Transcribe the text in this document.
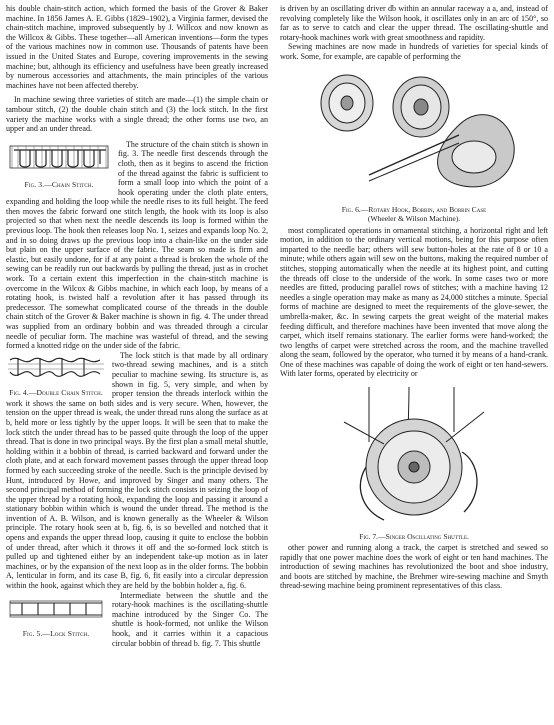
his double chain-stitch action, which formed the basis of the Grover & Baker machine. In 1856 James A. E. Gibbs (1829–1902), a Virginia farmer, devised the chain-stitch machine, improved subsequently by J. Willcox and now known as the Willcox & Gibbs. These together—all American inventions—form the types of the various machines now in common use. Thousands of patents have been issued in the United States and Europe, covering improvements in the sewing machine; but, although its efficiency and usefulness have been greatly increased by numerous accessories and attachments, the main principles of the various machines have not been affected thereby.

In machine sewing three varieties of stitch are made—(1) the simple chain or tambour stitch, (2) the double chain stitch and (3) the lock stitch. In the first variety the machine works with a single thread; the other forms use two, an upper and an under thread.

Fig. 3.—Chain Stitch.

The structure of the chain stitch is shown in fig. 3. The needle first descends through the cloth, then as it begins to ascend the friction of the thread against the fabric is sufficient to form a small loop into which the point of a hook operating under the cloth plate enters, expanding and holding the loop while the needle rises to its full height. The feed then moves the fabric forward one stitch length, the hook with its loop is also projected so that when next the needle descends its loop is formed within the previous loop. The hook then releases loop No. 1, seizes and expands loop No. 2, and in so doing draws up the previous loop into a chain-like on the under side but plain on the upper surface of the fabric. The seam so made is firm and elastic, but easily undone, for if at any point a thread is broken the whole of the sewing can be readily run out backwards by pulling the thread, just as in crochet work. To a certain extent this imperfection in the chain-stitch machine is overcome in the Wilcox & Gibbs machine, in which each loop, by means of a rotating hook, is twisted half a revolution after it has passed through its predecessor. The somewhat complicated course of the threads in the double chain stitch of the Grover & Baker machine is shown in fig. 4. The under thread was supplied from an ordinary bobbin and was threaded through a circular needle of peculiar form. The machine was wasteful of thread, and the sewing formed a knotted ridge on the under side of the fabric.

Fig. 4.—Double Chain Stitch.

The lock stitch is that made by all ordinary two-thread sewing machines, and is a stitch peculiar to machine sewing. Its structure is, as shown in fig. 5, very simple, and when by proper tension the threads interlock within the work it shows the same on both sides and is very secure. When, however, the tension on the upper thread is weak, the under thread runs along the surface as at b, held more or less tightly by the upper loops. It will be seen that to make the lock stitch the under thread has to be passed quite through the loop of the upper thread. That is done in two principal ways. By the first plan a small metal shuttle, holding within it a bobbin of thread, is carried backward and forward under the cloth plate, and at each forward movement passes through the upper thread loop formed by each succeeding stroke of the needle. Such is the principle devised by Hunt, introduced by Howe, and improved by Singer and many others. The second principal method of forming the lock stitch consists in seizing the loop of the upper thread by a rotating hook, expanding the loop and passing it around a stationary bobbin within which is wound the under thread. The method is the invention of A. B. Wilson, and is known generally as the Wheeler & Wilson principle. The rotary hook seen at b, fig. 6, is so bevelled and notched that it opens and expands the upper thread loop, causing it quite to enclose the bobbin of under thread, after which it throws it off and the so-formed lock stitch is pulled up and tightened either by an independent take-up motion as in later machines, or by the expansion of the next loop as in the older forms. The bobbin A, lenticular in form, and its case B, fig. 6, fit easily into a circular depression within the hook, against which they are held by the bobbin holder a, fig. 6.

Fig. 5.—Lock Stitch.

Intermediate between the shuttle and the rotary-hook machines is the oscillating-shuttle machine introduced by the Singer Co. The shuttle is hook-formed, not unlike the Wilson hook, and it carries within it a capacious circular bobbin of thread b. fig. 7. This shuttle

is driven by an oscillating driver db within an annular raceway a a, and, instead of revolving completely like the Wilson hook, it oscillates only in an arc of 150°, so far as to serve to catch and clear the upper thread. The oscillating-shuttle and rotary-hook machines work with great smoothness and rapidity.

Sewing machines are now made in hundreds of varieties for special kinds of work. Some, for example, are capable of performing the

Fig. 6.—Rotary Hook, Bobbin, and Bobbin Case
(Wheeler & Wilson Machine).

most complicated operations in ornamental stitching, a horizontal right and left motion, in addition to the ordinary vertical motions, being for this purpose often imparted to the needle bar; others will sew button-holes at the rate of 8 or 10 a minute; while others again will sew on the buttons, making the required number of stitches, stopping automatically when the needle at its highest point, and cutting the threads off close to the underside of the work. In some cases two or more needles are fitted, producing parallel rows of stitches; with a machine having 12 needles a single operation may make as many as 24,000 stitches a minute. Special forms of machine are designed to meet the requirements of the glove-sewer, the umbrella-maker, &c. In sewing carpets the great weight of the material makes feeding difficult, and therefore machines have been invented that move along the carpet, which itself remains stationary. The earlier forms were hand-worked; the two lengths of carpet were stretched across the room, and the machine travelled along the seam, followed by the operator, who turned it by means of a hand-crank. One of these machines was capable of doing the work of eight or ten hand-sewers. With later forms, operated by electricity or

Fig. 7.—Singer Oscillating Shuttle.

other power and running along a track, the carpet is stretched and sewed so rapidly that one power machine does the work of eight or ten hand machines. The introduction of sewing machines has revolutionized the boot and shoe industry, and boots are stitched by machine, the Brehmer wire-sewing machine and Smyth thread-sewing machine being prominent representatives of this class.
